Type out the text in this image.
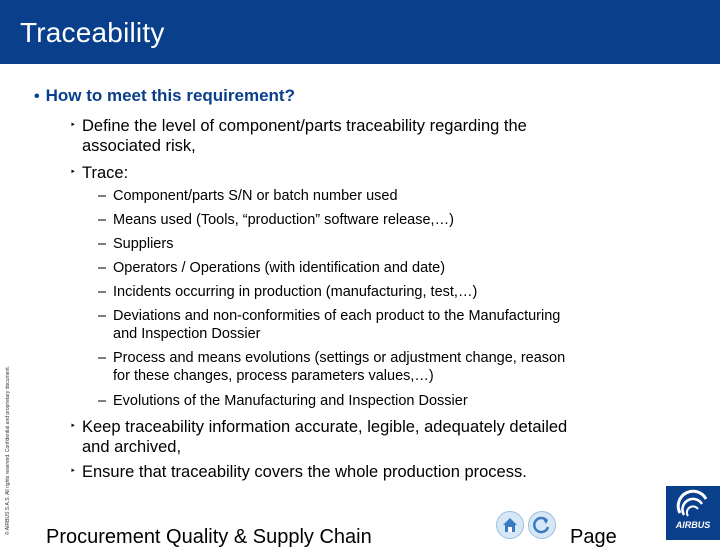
Traceability
• How to meet this requirement?
‣ Define the level of component/parts traceability regarding the
associated risk,
‣ Trace:
– Component/parts S/N or batch number used
– Means used (Tools, “production” software release,…)
– Suppliers
– Operators / Operations (with identification and date)
– Incidents occurring in production (manufacturing, test,…)
– Deviations and non-conformities of each product to the Manufacturing
and Inspection Dossier
– Process and means evolutions (settings or adjustment change, reason
for these changes, process parameters values,…)
– Evolutions of the Manufacturing and Inspection Dossier
‣ Keep traceability information accurate, legible, adequately detailed
and archived,
‣ Ensure that traceability covers the whole production process.
© AIRBUS S.A.S. All rights reserved. Confidential and proprietary document.
Procurement Quality & Supply Chain	Page
AIRBUS
